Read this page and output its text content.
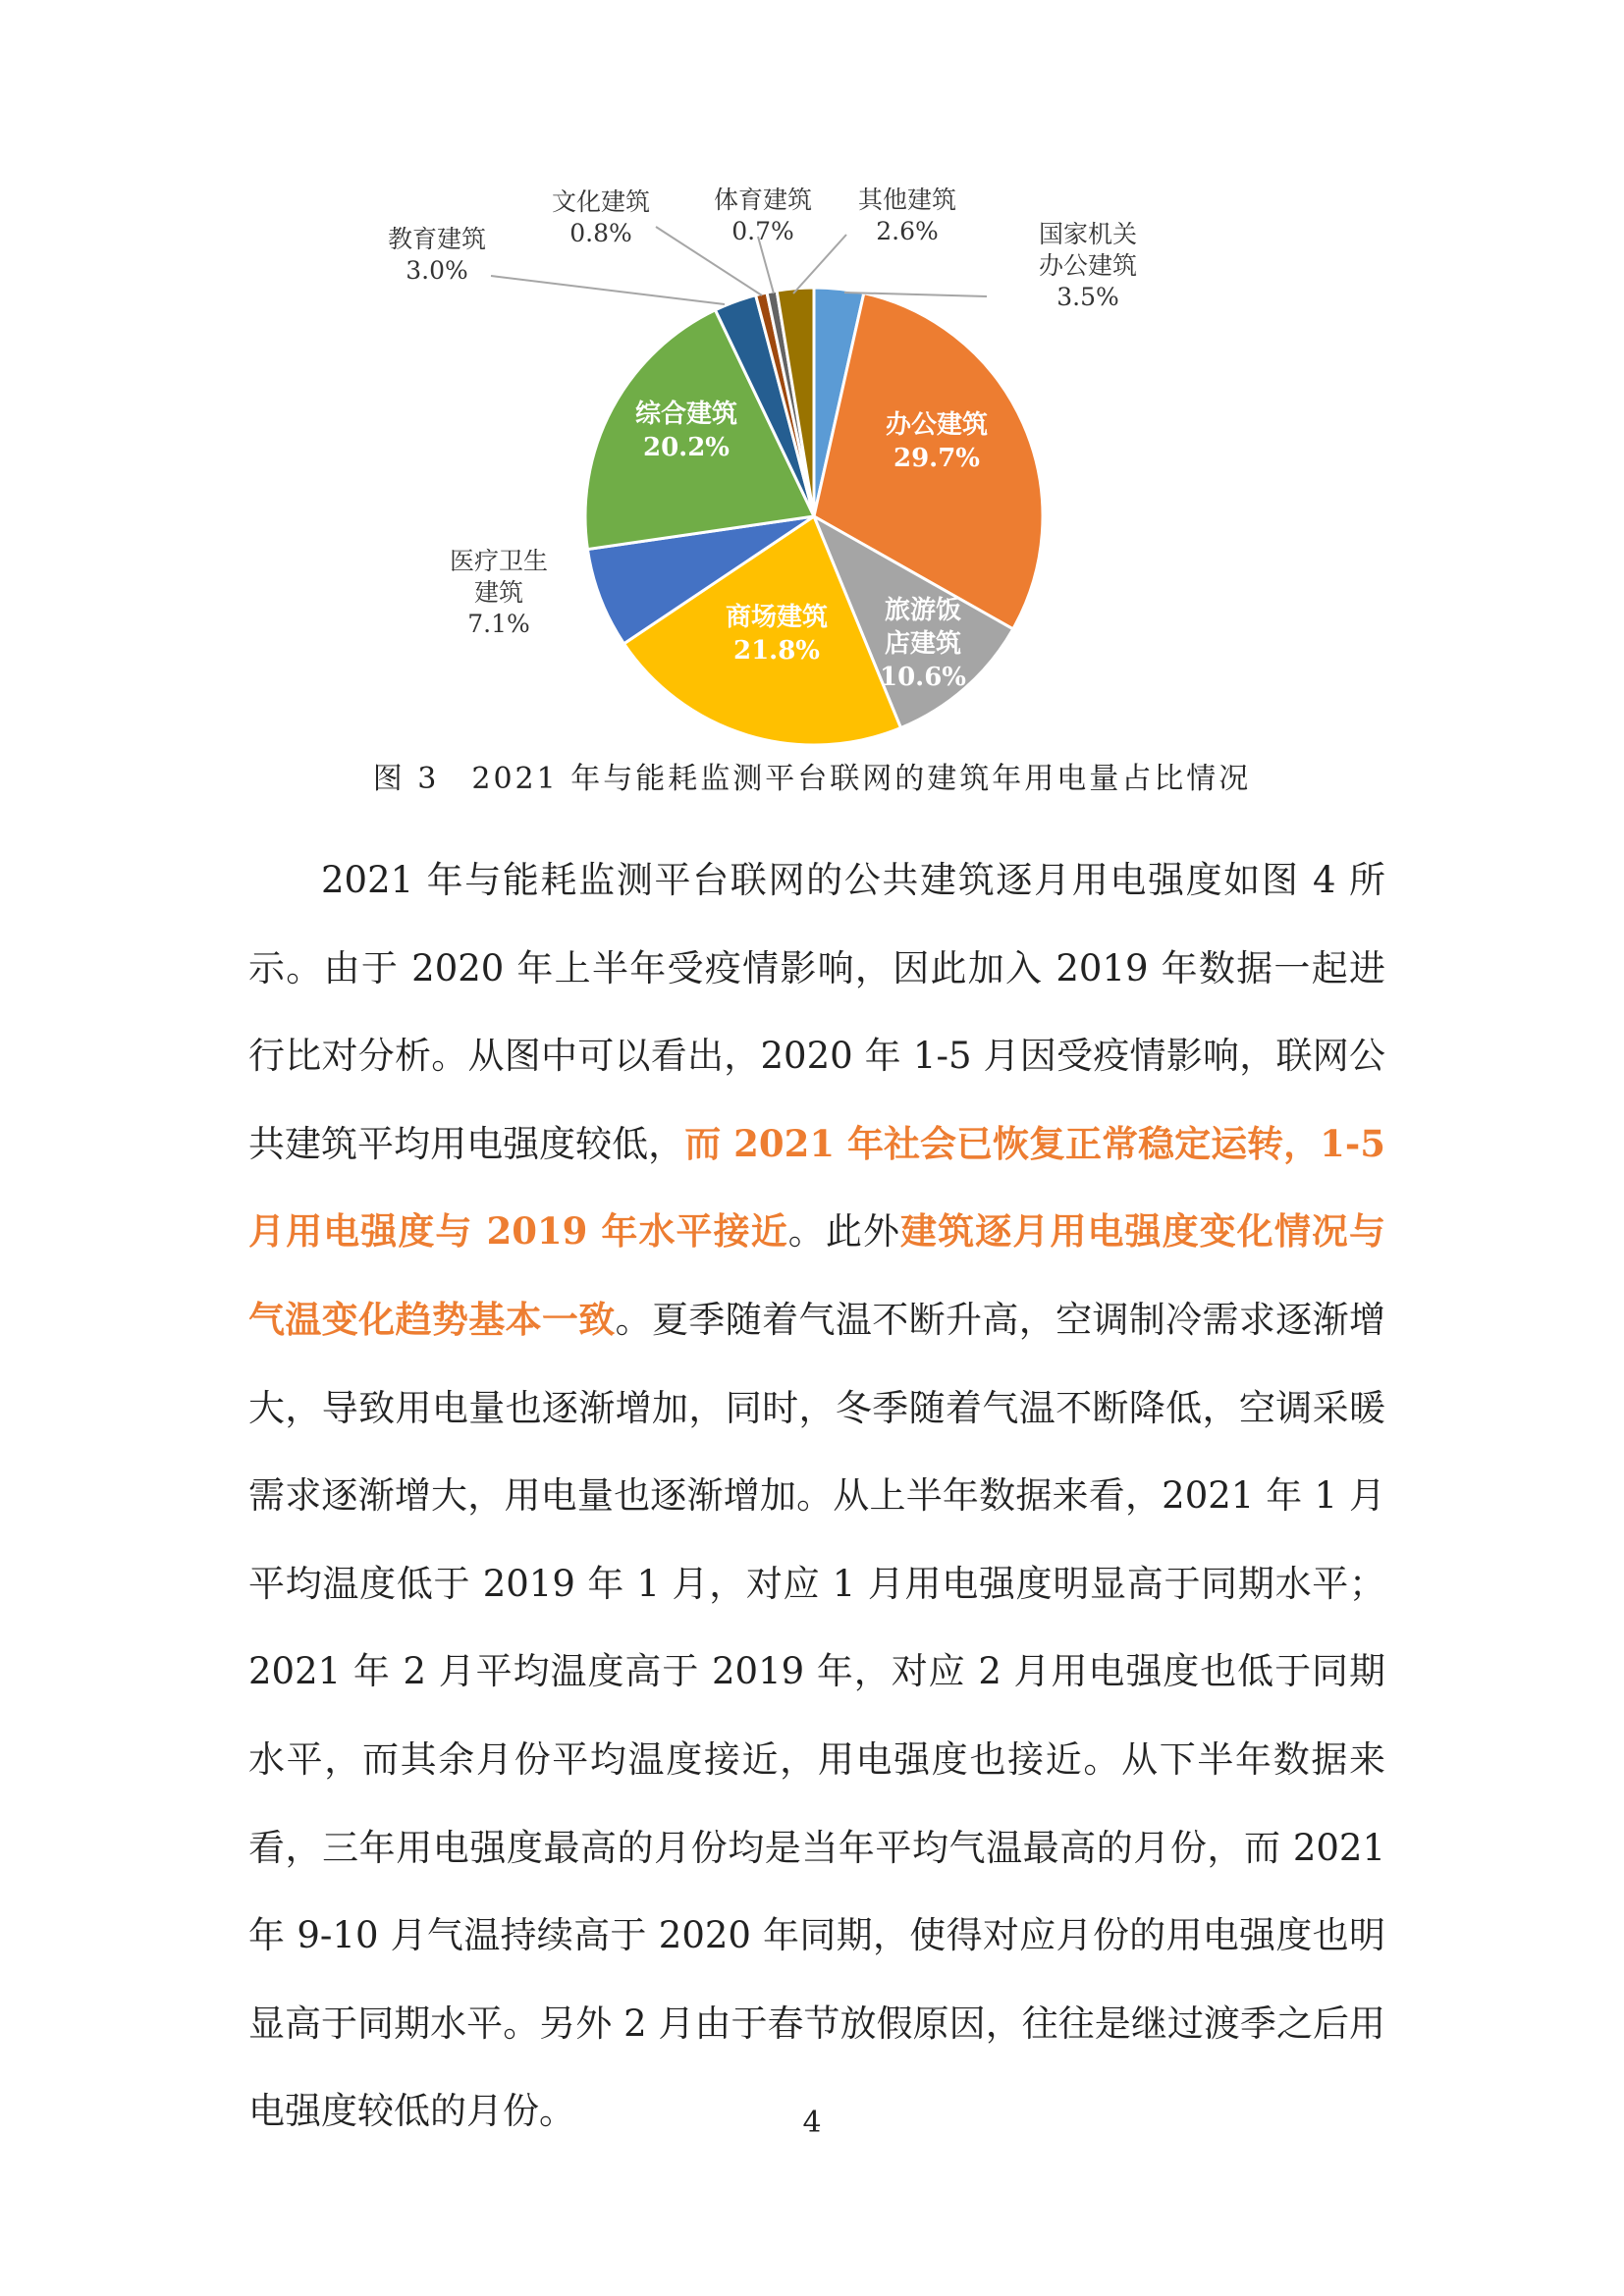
国家机关办公建筑 3.5%
办公建筑 29.7%
旅游饭店建筑 10.6%
商场建筑 21.8%
医疗卫生建筑 7.1%
综合建筑 20.2%
教育建筑 3.0%
文化建筑 0.8%
体育建筑 0.7%
其他建筑 2.6%
图 3　2021 年与能耗监测平台联网的建筑年用电量占比情况

2021 年与能耗监测平台联网的公共建筑逐月用电强度如图 4 所示。由于 2020 年上半年受疫情影响，因此加入 2019 年数据一起进行比对分析。从图中可以看出，2020 年 1-5 月因受疫情影响，联网公共建筑平均用电强度较低，而 2021 年社会已恢复正常稳定运转，1-5 月用电强度与 2019 年水平接近。此外建筑逐月用电强度变化情况与气温变化趋势基本一致。夏季随着气温不断升高，空调制冷需求逐渐增大，导致用电量也逐渐增加，同时，冬季随着气温不断降低，空调采暖需求逐渐增大，用电量也逐渐增加。从上半年数据来看，2021 年 1 月平均温度低于 2019 年 1 月，对应 1 月用电强度明显高于同期水平；2021 年 2 月平均温度高于 2019 年，对应 2 月用电强度也低于同期水平，而其余月份平均温度接近，用电强度也接近。从下半年数据来看，三年用电强度最高的月份均是当年平均气温最高的月份，而 2021 年 9-10 月气温持续高于 2020 年同期，使得对应月份的用电强度也明显高于同期水平。另外 2 月由于春节放假原因，往往是继过渡季之后用电强度较低的月份。	4
